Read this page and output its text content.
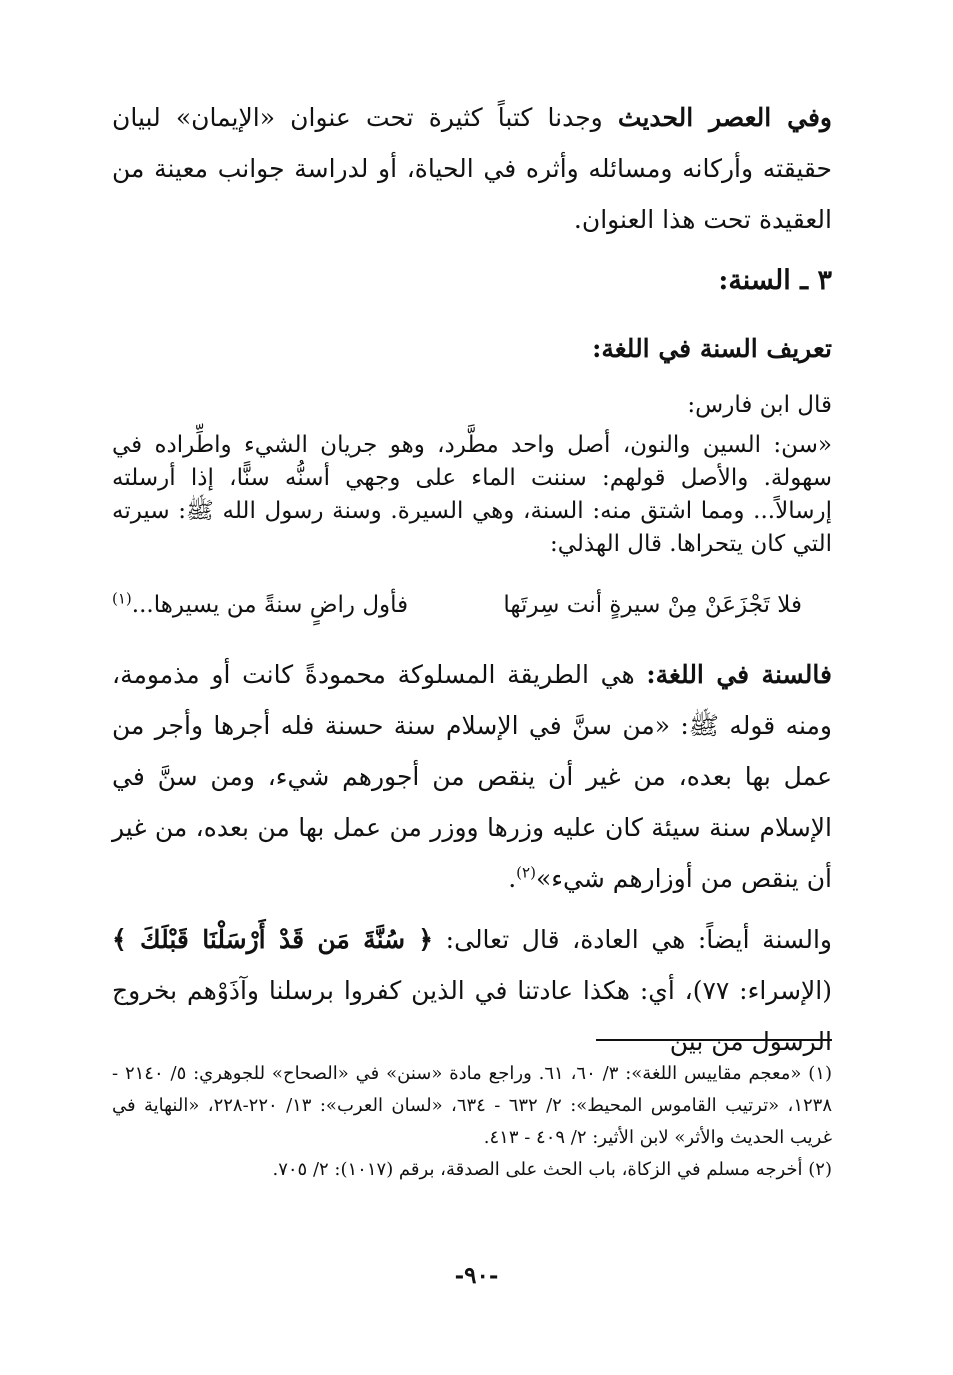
وفي العصر الحديث وجدنا كتباً كثيرة تحت عنوان «الإيمان» لبيان حقيقته وأركانه ومسائله وأثره في الحياة، أو لدراسة جوانب معينة من العقيدة تحت هذا العنوان.

٣ ـ السنة:
تعريف السنة في اللغة:

قال ابن فارس:

«سن: السين والنون، أصل واحد مطَّرد، وهو جريان الشيء واطِّراده في سهولة. والأصل قولهم: سننت الماء على وجهي أسنُّه سنًّا، إذا أرسلته إرسالاً... ومما اشتق منه: السنة، وهي السيرة. وسنة رسول الله ﷺ: سيرته التي كان يتحراها. قال الهذلي:

فلا تَجْزَعَنْ مِنْ سيرةٍ أنت سِرتَها
فأول راضٍ سنةً من يسيرها...$^{(١)}$

فالسنة في اللغة: هي الطريقة المسلوكة محمودةً كانت أو مذمومة، ومنه قوله ﷺ: «من سنَّ في الإسلام سنة حسنة فله أجرها وأجر من عمل بها بعده، من غير أن ينقص من أجورهم شيء، ومن سنَّ في الإسلام سنة سيئة كان عليه وزرها ووزر من عمل بها من بعده، من غير أن ينقص من أوزارهم شيء»$^{(٢)}$.

والسنة أيضاً: هي العادة، قال تعالى: ﴿ سُنَّةَ مَن قَدْ أَرْسَلْنَا قَبْلَكَ ﴾ (الإسراء: ٧٧)، أي: هكذا عادتنا في الذين كفروا برسلنا وآذَوْهم بخروج الرسول من بين

(١) «معجم مقاييس اللغة»: ٣/ ٦٠، ٦١. وراجع مادة «سنن» في «الصحاح» للجوهري: ٥/ ٢١٤٠ - ١٢٣٨، «ترتيب القاموس المحيط»: ٢/ ٦٣٢ - ٦٣٤، «لسان العرب»: ١٣/ ٢٢٠-٢٢٨، «النهاية في غريب الحديث والأثر» لابن الأثير: ٢/ ٤٠٩ - ٤١٣.

(٢) أخرجه مسلم في الزكاة، باب الحث على الصدقة، برقم (١٠١٧): ٢/ ٧٠٥.

-٩٠-
